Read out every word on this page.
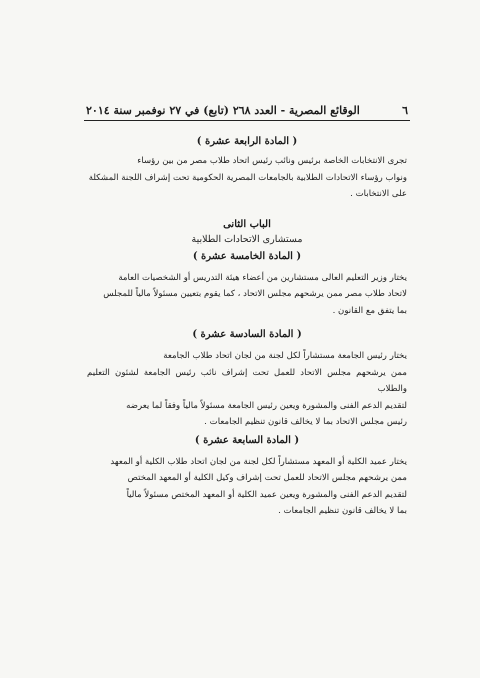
٦
الوقائع المصرية - العدد ٢٦٨ (تابع) في ٢٧ نوفمبر سنة ٢٠١٤

( المادة الرابعة عشرة )

تجرى الانتخابات الخاصة برئيس ونائب رئيس اتحاد طلاب مصر من بين رؤساء

ونواب رؤساء الاتحادات الطلابية بالجامعات المصرية الحكومية تحت إشراف اللجنة المشكلة

على الانتخابات .

الباب الثانى

مستشارى الاتحادات الطلابية

( المادة الخامسة عشرة )

يختار وزير التعليم العالى مستشارين من أعضاء هيئة التدريس أو الشخصيات العامة

لاتحاد طلاب مصر ممن يرشحهم مجلس الاتحاد ، كما يقوم بتعيين مسئولاً مالياً للمجلس

بما يتفق مع القانون .

( المادة السادسة عشرة )

يختار رئيس الجامعة مستشاراً لكل لجنة من لجان اتحاد طلاب الجامعة

ممن يرشحهم مجلس الاتحاد للعمل تحت إشراف نائب رئيس الجامعة لشئون التعليم والطلاب

لتقديم الدعم الفنى والمشورة ويعين رئيس الجامعة مسئولاً مالياً وفقاً لما يعرضه

رئيس مجلس الاتحاد بما لا يخالف قانون تنظيم الجامعات .

( المادة السابعة عشرة )

يختار عميد الكلية أو المعهد مستشاراً لكل لجنة من لجان اتحاد طلاب الكلية أو المعهد

ممن يرشحهم مجلس الاتحاد للعمل تحت إشراف وكيل الكلية أو المعهد المختص

لتقديم الدعم الفنى والمشورة ويعين عميد الكلية أو المعهد المختص مسئولاً مالياً

بما لا يخالف قانون تنظيم الجامعات .
